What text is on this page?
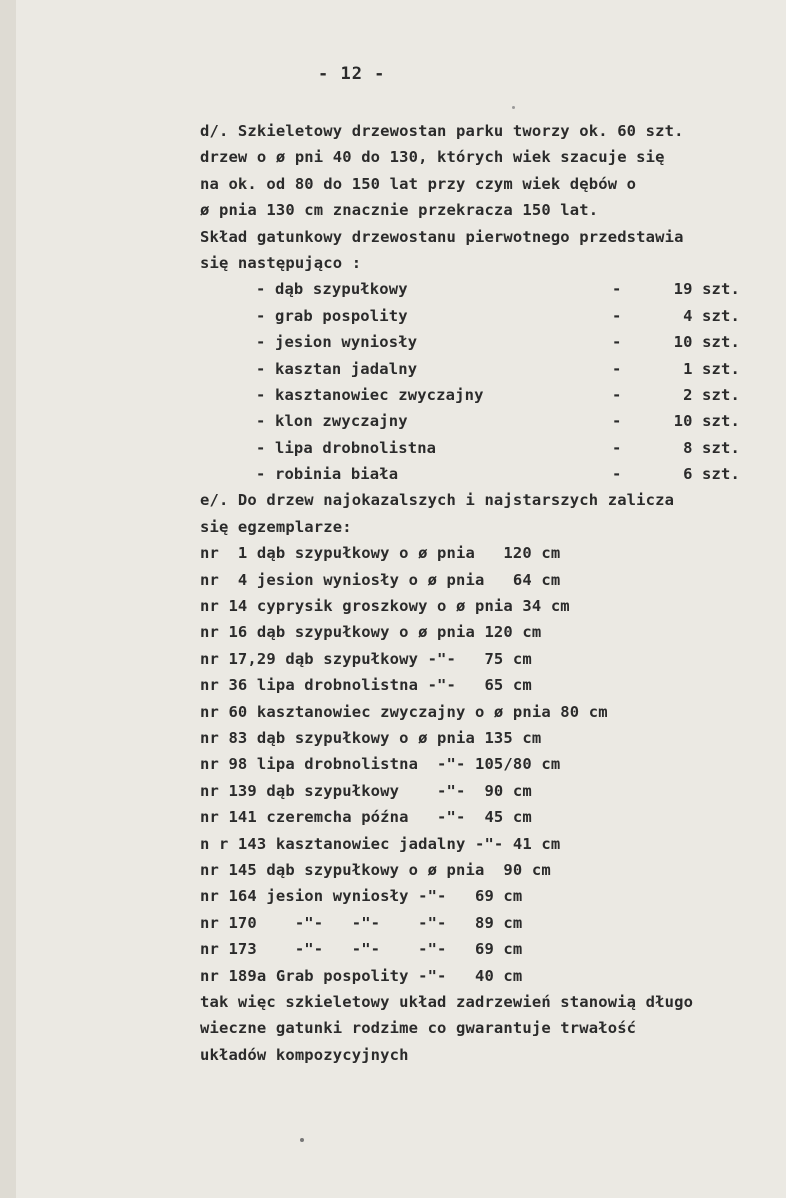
- 12 -
d/. Szkieletowy drzewostan parku tworzy ok. 60 szt.
drzew o ø pni 40 do 130, których wiek szacuje się
na ok. od 80 do 150 lat przy czym wiek dębów o
ø pnia 130 cm znacznie przekracza 150 lat.
Skład gatunkowy drzewostanu pierwotnego przedstawia
się następująco :
- dąb szypułkowy	-	19 szt.
- grab pospolity	-	4 szt.
- jesion wyniosły	-	10 szt.
- kasztan jadalny	-	1 szt.
- kasztanowiec zwyczajny	-	2 szt.
- klon zwyczajny	-	10 szt.
- lipa drobnolistna	-	8 szt.
- robinia biała	-	6 szt.
e/. Do drzew najokazalszych i najstarszych zalicza
się egzemplarze:
nr  1 dąb szypułkowy o ø pnia   120 cm
nr  4 jesion wyniosły o ø pnia   64 cm
nr 14 cyprysik groszkowy o ø pnia 34 cm
nr 16 dąb szypułkowy o ø pnia 120 cm
nr 17,29 dąb szypułkowy -"-   75 cm
nr 36 lipa drobnolistna -"-   65 cm
nr 60 kasztanowiec zwyczajny o ø pnia 80 cm
nr 83 dąb szypułkowy o ø pnia 135 cm
nr 98 lipa drobnolistna  -"- 105/80 cm
nr 139 dąb szypułkowy    -"-  90 cm
nr 141 czeremcha późna   -"-  45 cm
n r 143 kasztanowiec jadalny -"- 41 cm
nr 145 dąb szypułkowy o ø pnia  90 cm
nr 164 jesion wyniosły -"-   69 cm
nr 170    -"-   -"-    -"-   89 cm
nr 173    -"-   -"-    -"-   69 cm
nr 189a Grab pospolity -"-   40 cm
tak więc szkieletowy układ zadrzewień stanowią długo
wieczne gatunki rodzime co gwarantuje trwałość
układów kompozycyjnych
